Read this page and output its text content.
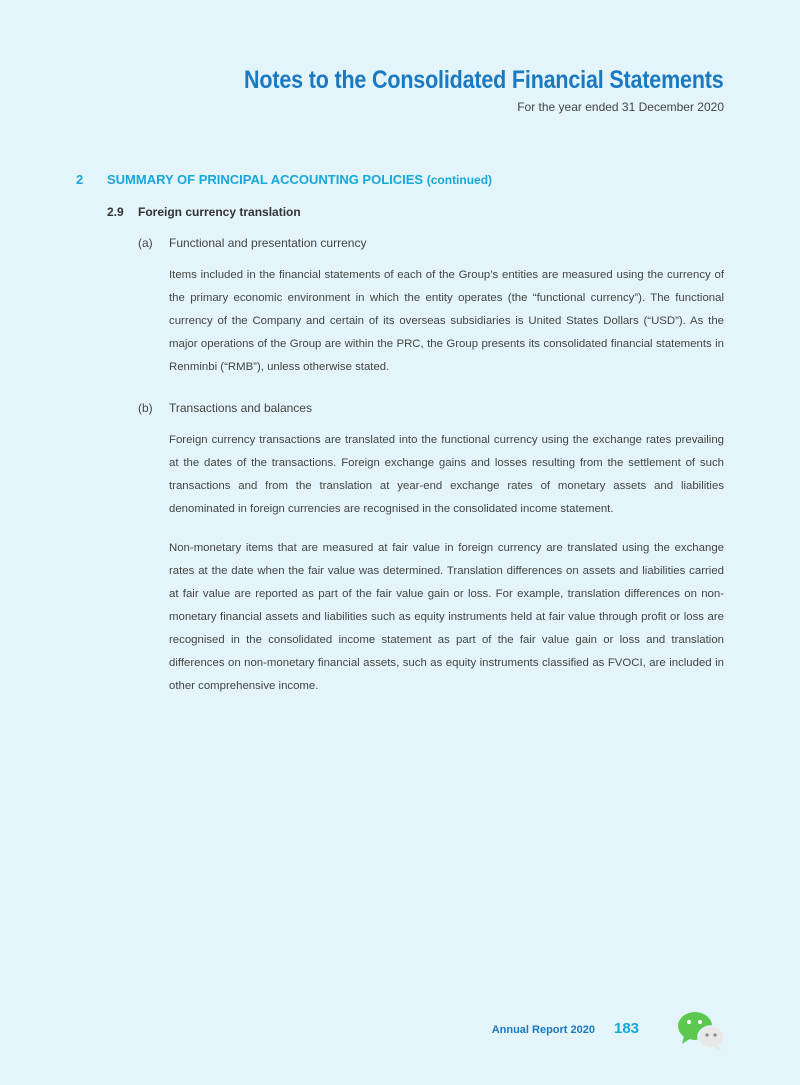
Notes to the Consolidated Financial Statements
For the year ended 31 December 2020
2 SUMMARY OF PRINCIPAL ACCOUNTING POLICIES (continued)
2.9 Foreign currency translation
(a) Functional and presentation currency

Items included in the financial statements of each of the Group’s entities are measured using the currency of the primary economic environment in which the entity operates (the “functional currency”). The functional currency of the Company and certain of its overseas subsidiaries is United States Dollars (“USD”). As the major operations of the Group are within the PRC, the Group presents its consolidated financial statements in Renminbi (“RMB”), unless otherwise stated.

(b) Transactions and balances

Foreign currency transactions are translated into the functional currency using the exchange rates prevailing at the dates of the transactions. Foreign exchange gains and losses resulting from the settlement of such transactions and from the translation at year-end exchange rates of monetary assets and liabilities denominated in foreign currencies are recognised in the consolidated income statement.

Non-monetary items that are measured at fair value in foreign currency are translated using the exchange rates at the date when the fair value was determined. Translation differences on assets and liabilities carried at fair value are reported as part of the fair value gain or loss. For example, translation differences on non-monetary financial assets and liabilities such as equity instruments held at fair value through profit or loss are recognised in the consolidated income statement as part of the fair value gain or loss and translation differences on non-monetary financial assets, such as equity instruments classified as FVOCI, are included in other comprehensive income.

Annual Report 2020 183
